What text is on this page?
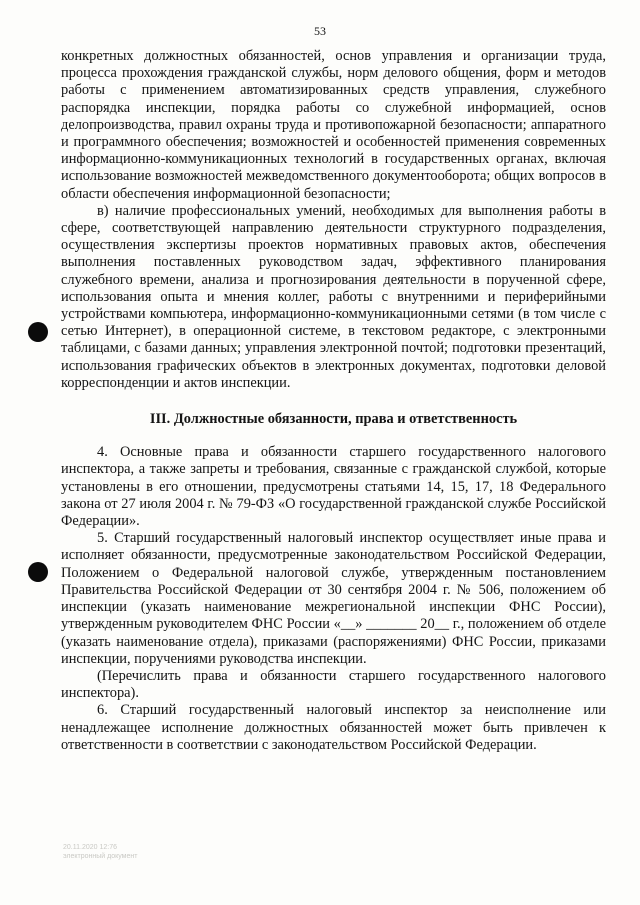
53

конкретных должностных обязанностей, основ управления и организации труда, процесса прохождения гражданской службы, норм делового общения, форм и методов работы с применением автоматизированных средств управления, служебного распорядка инспекции, порядка работы со служебной информацией, основ делопроизводства, правил охраны труда и противопожарной безопасности; аппаратного и программного обеспечения; возможностей и особенностей применения современных информационно-коммуникационных технологий в государственных органах, включая использование возможностей межведомственного документооборота; общих вопросов в области обеспечения информационной безопасности;

в) наличие профессиональных умений, необходимых для выполнения работы в сфере, соответствующей направлению деятельности структурного подразделения, осуществления экспертизы проектов нормативных правовых актов, обеспечения выполнения поставленных руководством задач, эффективного планирования служебного времени, анализа и прогнозирования деятельности в порученной сфере, использования опыта и мнения коллег, работы с внутренними и периферийными устройствами компьютера, информационно-коммуникационными сетями (в том числе с сетью Интернет), в операционной системе, в текстовом редакторе, с электронными таблицами, с базами данных; управления электронной почтой; подготовки презентаций, использования графических объектов в электронных документах, подготовки деловой корреспонденции и актов инспекции.

III. Должностные обязанности, права и ответственность

4. Основные права и обязанности старшего государственного налогового инспектора, а также запреты и требования, связанные с гражданской службой, которые установлены в его отношении, предусмотрены статьями 14, 15, 17, 18 Федерального закона от 27 июля 2004 г. № 79-ФЗ «О государственной гражданской службе Российской Федерации».

5. Старший государственный налоговый инспектор осуществляет иные права и исполняет обязанности, предусмотренные законодательством Российской Федерации, Положением о Федеральной налоговой службе, утвержденным постановлением Правительства Российской Федерации от 30 сентября 2004 г. № 506, положением об инспекции (указать наименование межрегиональной инспекции ФНС России), утвержденным руководителем ФНС России «__» _______ 20__ г., положением об отделе (указать наименование отдела), приказами (распоряжениями) ФНС России, приказами инспекции, поручениями руководства инспекции.

(Перечислить права и обязанности старшего государственного налогового инспектора).

6. Старший государственный налоговый инспектор за неисполнение или ненадлежащее исполнение должностных обязанностей может быть привлечен к ответственности в соответствии с законодательством Российской Федерации.

20.11.2020 12:76
электронный документ
